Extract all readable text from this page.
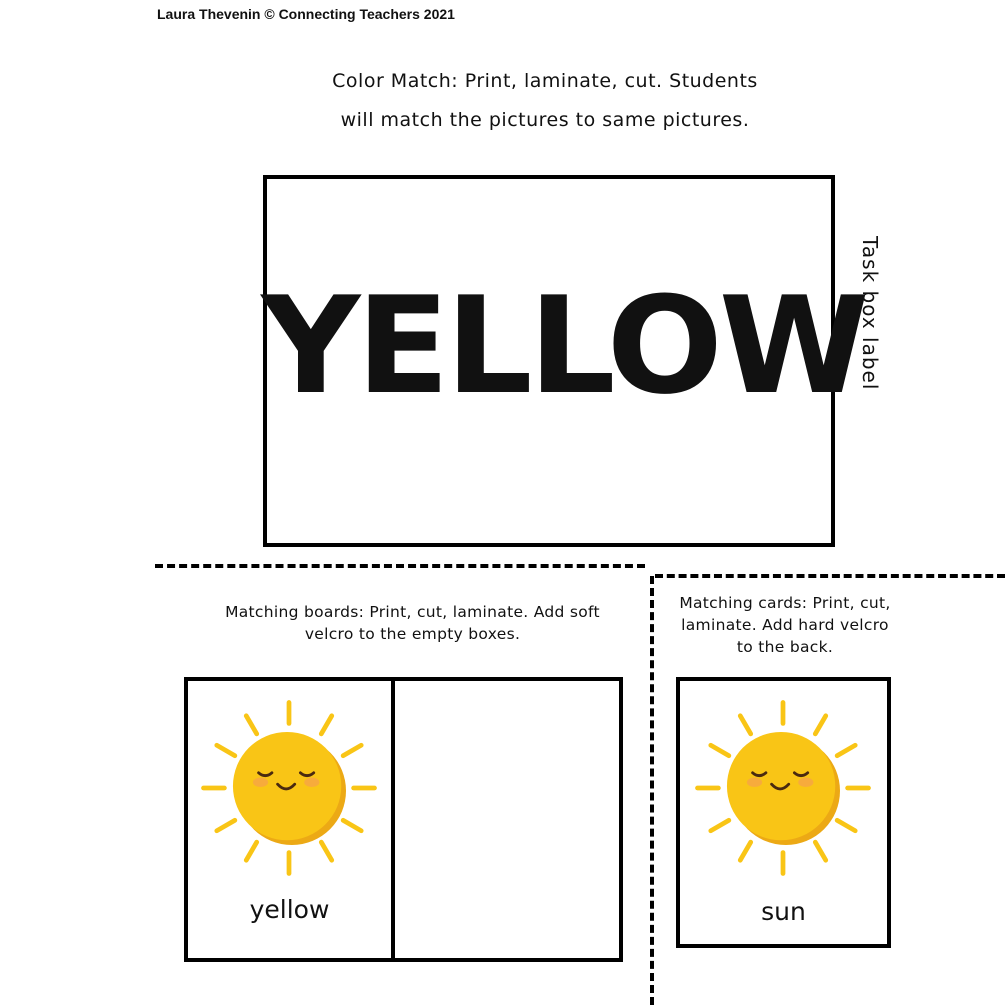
Laura Thevenin © Connecting Teachers 2021
Color Match: Print, laminate, cut. Students
will match the pictures to same pictures.
YELLOW
Task box label
Matching boards: Print, cut, laminate. Add soft
velcro to the empty boxes.
yellow
Matching cards: Print, cut,
laminate. Add hard velcro
to the back.
sun
